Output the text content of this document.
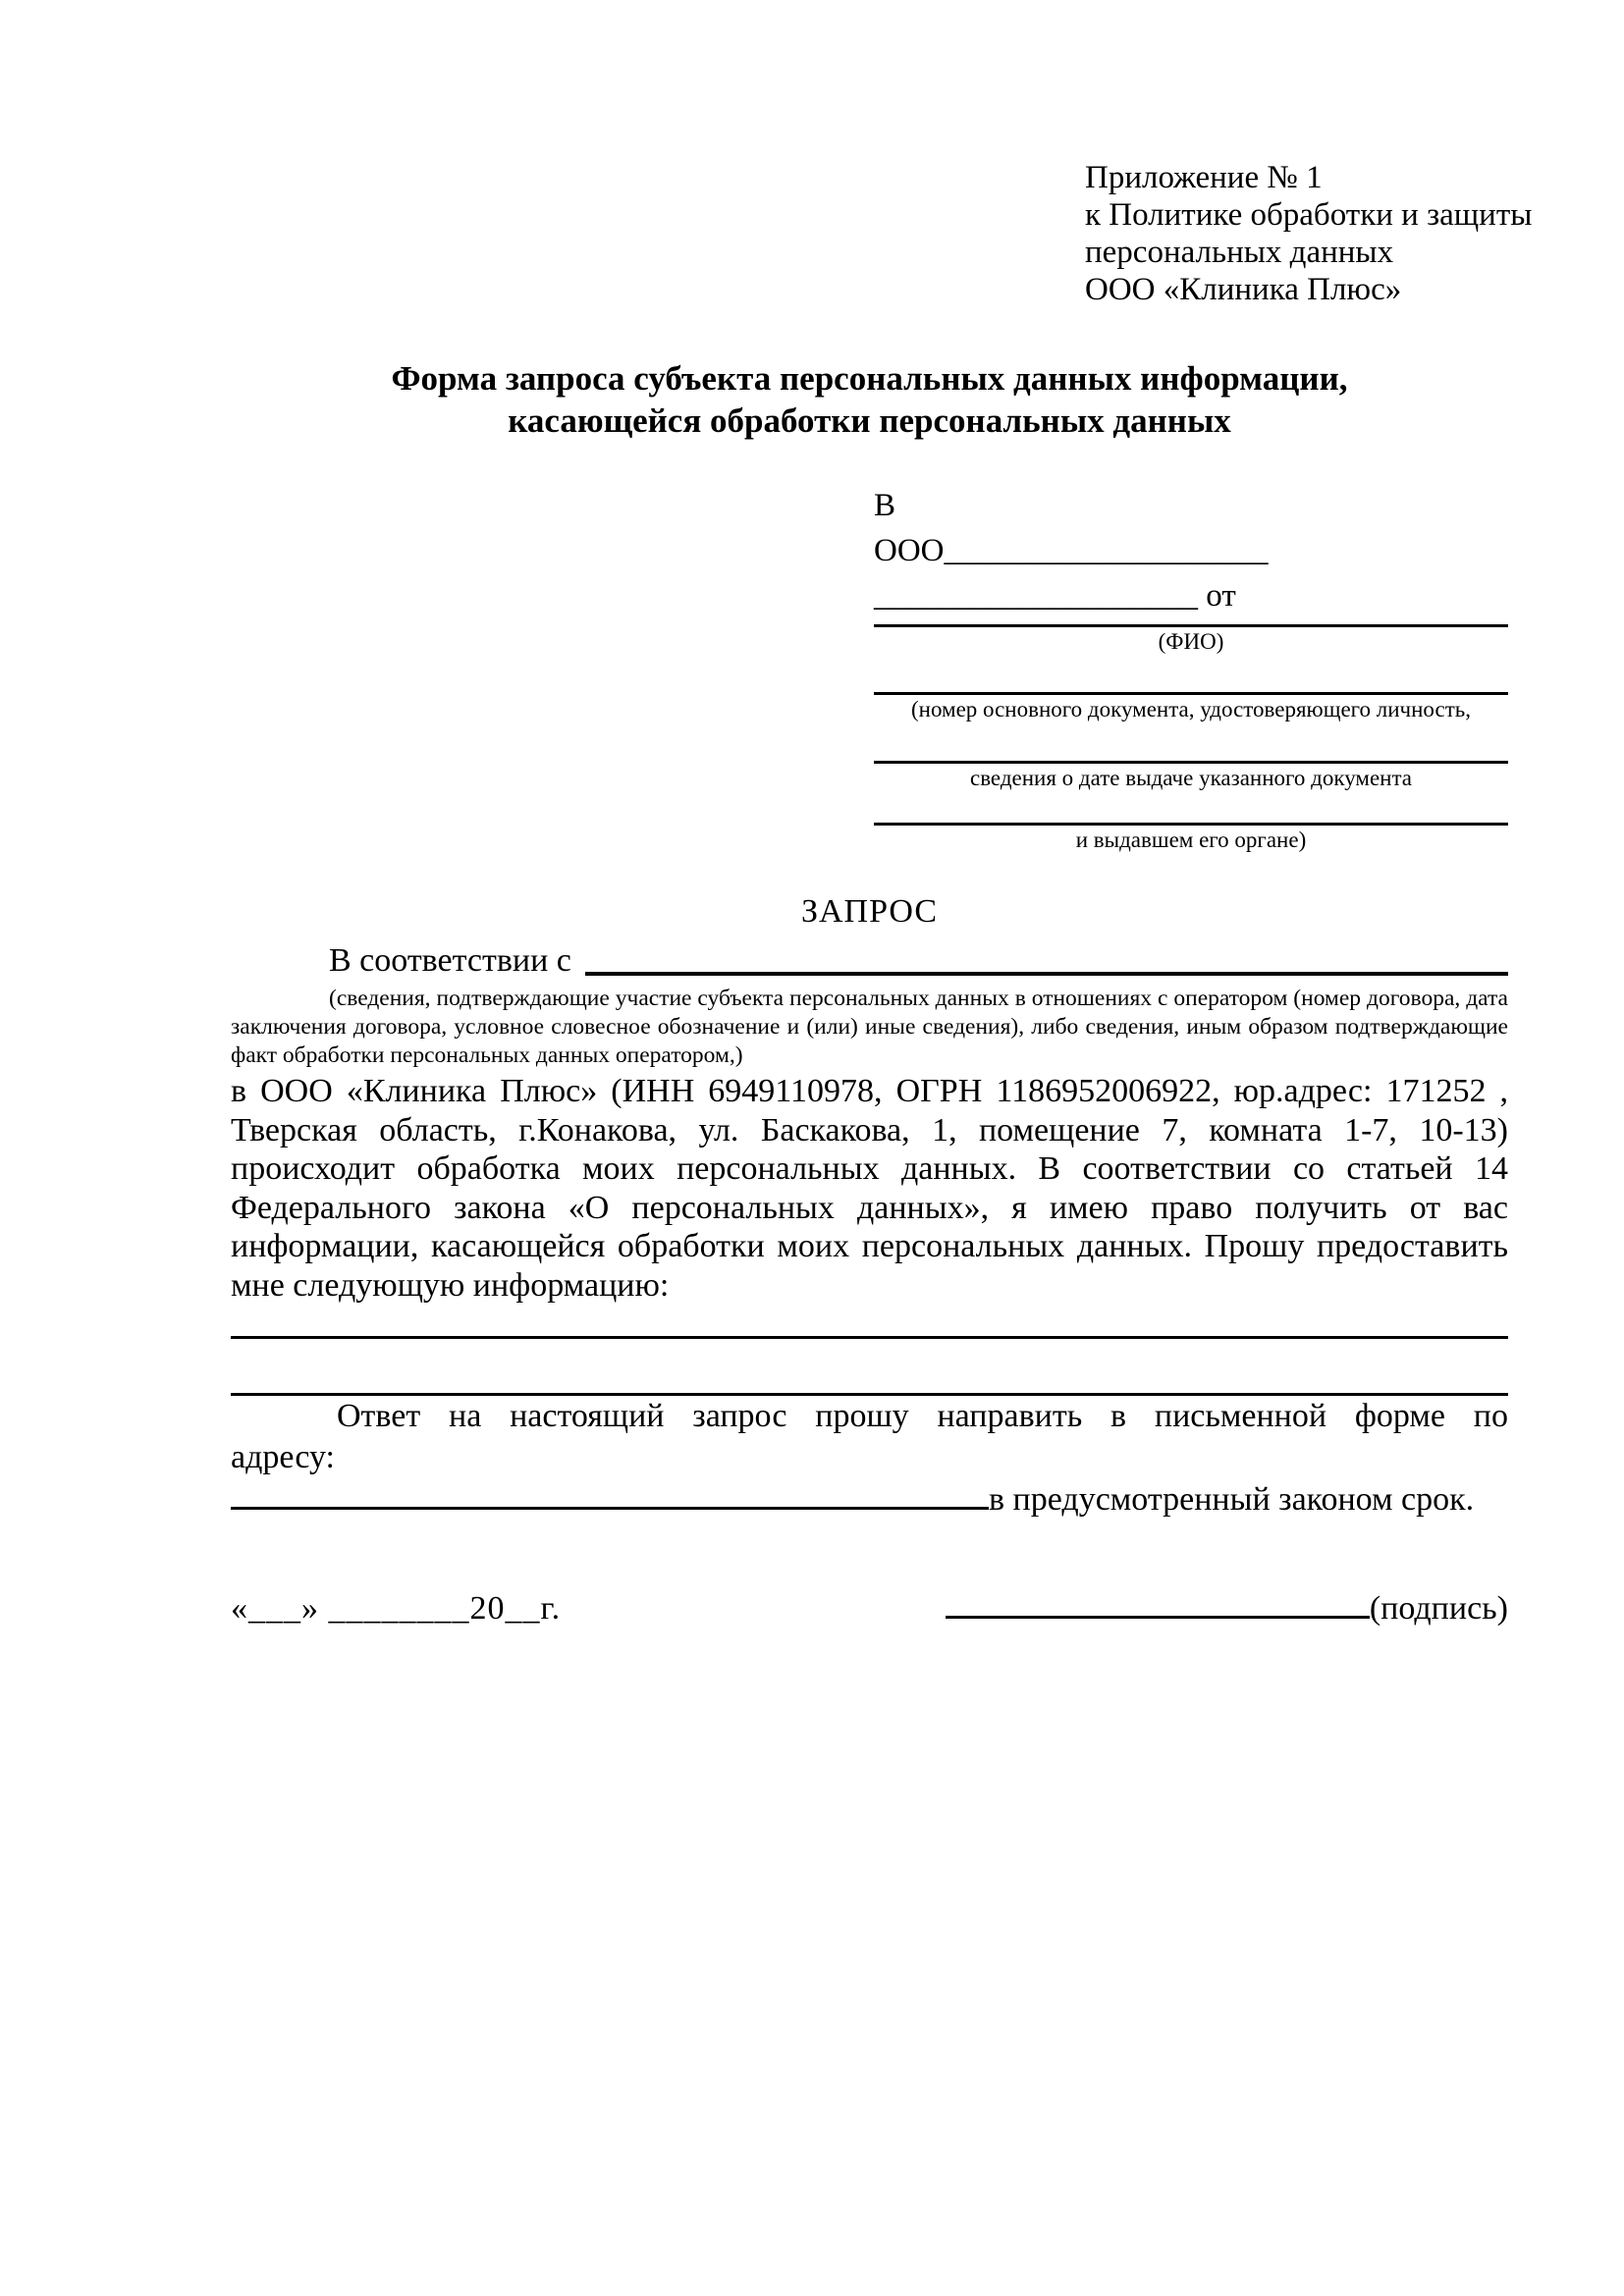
Приложение № 1
к Политике обработки и защиты
персональных данных
ООО «Клиника Плюс»
Форма запроса субъекта персональных данных информации,
касающейся обработки персональных данных
В
ООО____________________
____________________ от
(ФИО)
(номер основного документа, удостоверяющего личность,
сведения о дате выдаче указанного документа
и выдавшем его органе)
ЗАПРОС
В соответствии с
(сведения, подтверждающие участие субъекта персональных данных в отношениях с оператором (номер договора, дата заключения договора, условное словесное обозначение и (или) иные сведения), либо сведения, иным образом подтверждающие факт обработки персональных данных оператором,)
в ООО «Клиника Плюс» (ИНН 6949110978, ОГРН 1186952006922, юр.адрес: 171252 , Тверская область, г.Конакова, ул. Баскакова, 1, помещение 7, комната 1-7, 10-13) происходит обработка моих персональных данных. В соответствии со статьей 14 Федерального закона «О персональных данных», я имею право получить от вас информации, касающейся обработки моих персональных данных. Прошу предоставить мне следующую информацию:
Ответ на настоящий запрос прошу направить в письменной форме по адресу:
в предусмотренный законом срок.
«___» ________20__г.	(подпись)
